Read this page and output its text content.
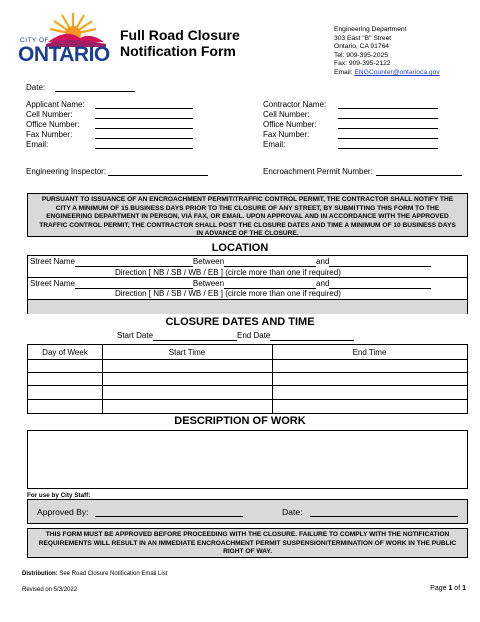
CITY OF
ONTARIO
Full Road Closure
Notification Form
Engineering Department
303 East "B" Street
Ontario, CA 91764
Tel: 909-395-2025
Fax: 909-395-2122
Email: ENGCounter@ontarioca.gov
Date:
Applicant Name:
Cell Number:
Office Number:
Fax Number:
Email:
Contractor Name:
Cell Number:
Office Number:
Fax Number:
Email:
Engineering Inspector:	Encroachment Permit Number:
PURSUANT TO ISSUANCE OF AN ENCROACHMENT PERMIT/TRAFFIC CONTROL PERMIT, THE CONTRACTOR SHALL NOTIFY THE CITY A MINIMUM OF 15 BUSINESS DAYS PRIOR TO THE CLOSURE OF ANY STREET, BY SUBMITTING THIS FORM TO THE ENGINEERING DEPARTMENT IN PERSON, VIA FAX, OR EMAIL. UPON APPROVAL AND IN ACCORDANCE WITH THE APPROVED TRAFFIC CONTROL PERMIT, THE CONTRACTOR SHALL POST THE CLOSURE DATES AND TIME A MINIMUM OF 10 BUSINESS DAYS IN ADVANCE OF THE CLOSURE.
LOCATION
Street Name	Between	and
Direction [ NB / SB / WB / EB ] (circle more than one if required)
Street Name	Between	and
Direction [ NB / SB / WB / EB ] (circle more than one if required)
CLOSURE DATES AND TIME
Start Date	End Date
Day of Week	Start Time	End Time
DESCRIPTION OF WORK
For use by City Staff:
Approved By:	Date:
THIS FORM MUST BE APPROVED BEFORE PROCEEDING WITH THE CLOSURE. FAILURE TO COMPLY WITH THE NOTIFICATION REQUIREMENTS WILL RESULT IN AN IMMEDIATE ENCROACHMENT PERMIT SUSPENSION/TERMINATION OF WORK IN THE PUBLIC RIGHT OF WAY.
Distribution: See Road Closure Notification Email List
Revised on 5/3/2022	Page 1 of 1
